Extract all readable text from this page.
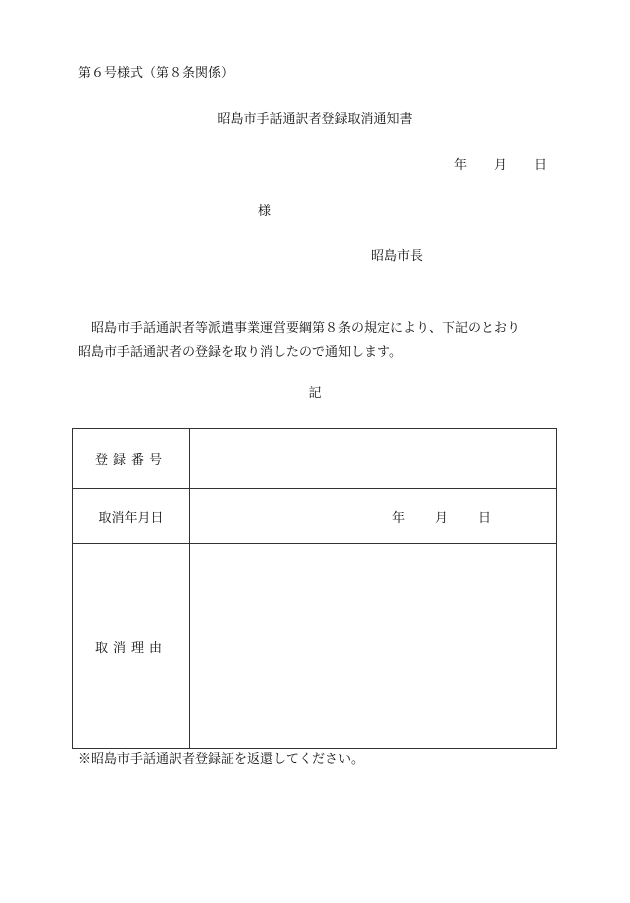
第６号様式（第８条関係）
昭島市手話通訳者登録取消通知書
年 月 日
様
昭島市長
　昭島市手話通訳者等派遣事業運営要綱第８条の規定により、下記のとおり
昭島市手話通訳者の登録を取り消したので通知します。
記
登録番号	
取消年月日	年 月 日

取消理由	
※昭島市手話通訳者登録証を返還してください。
